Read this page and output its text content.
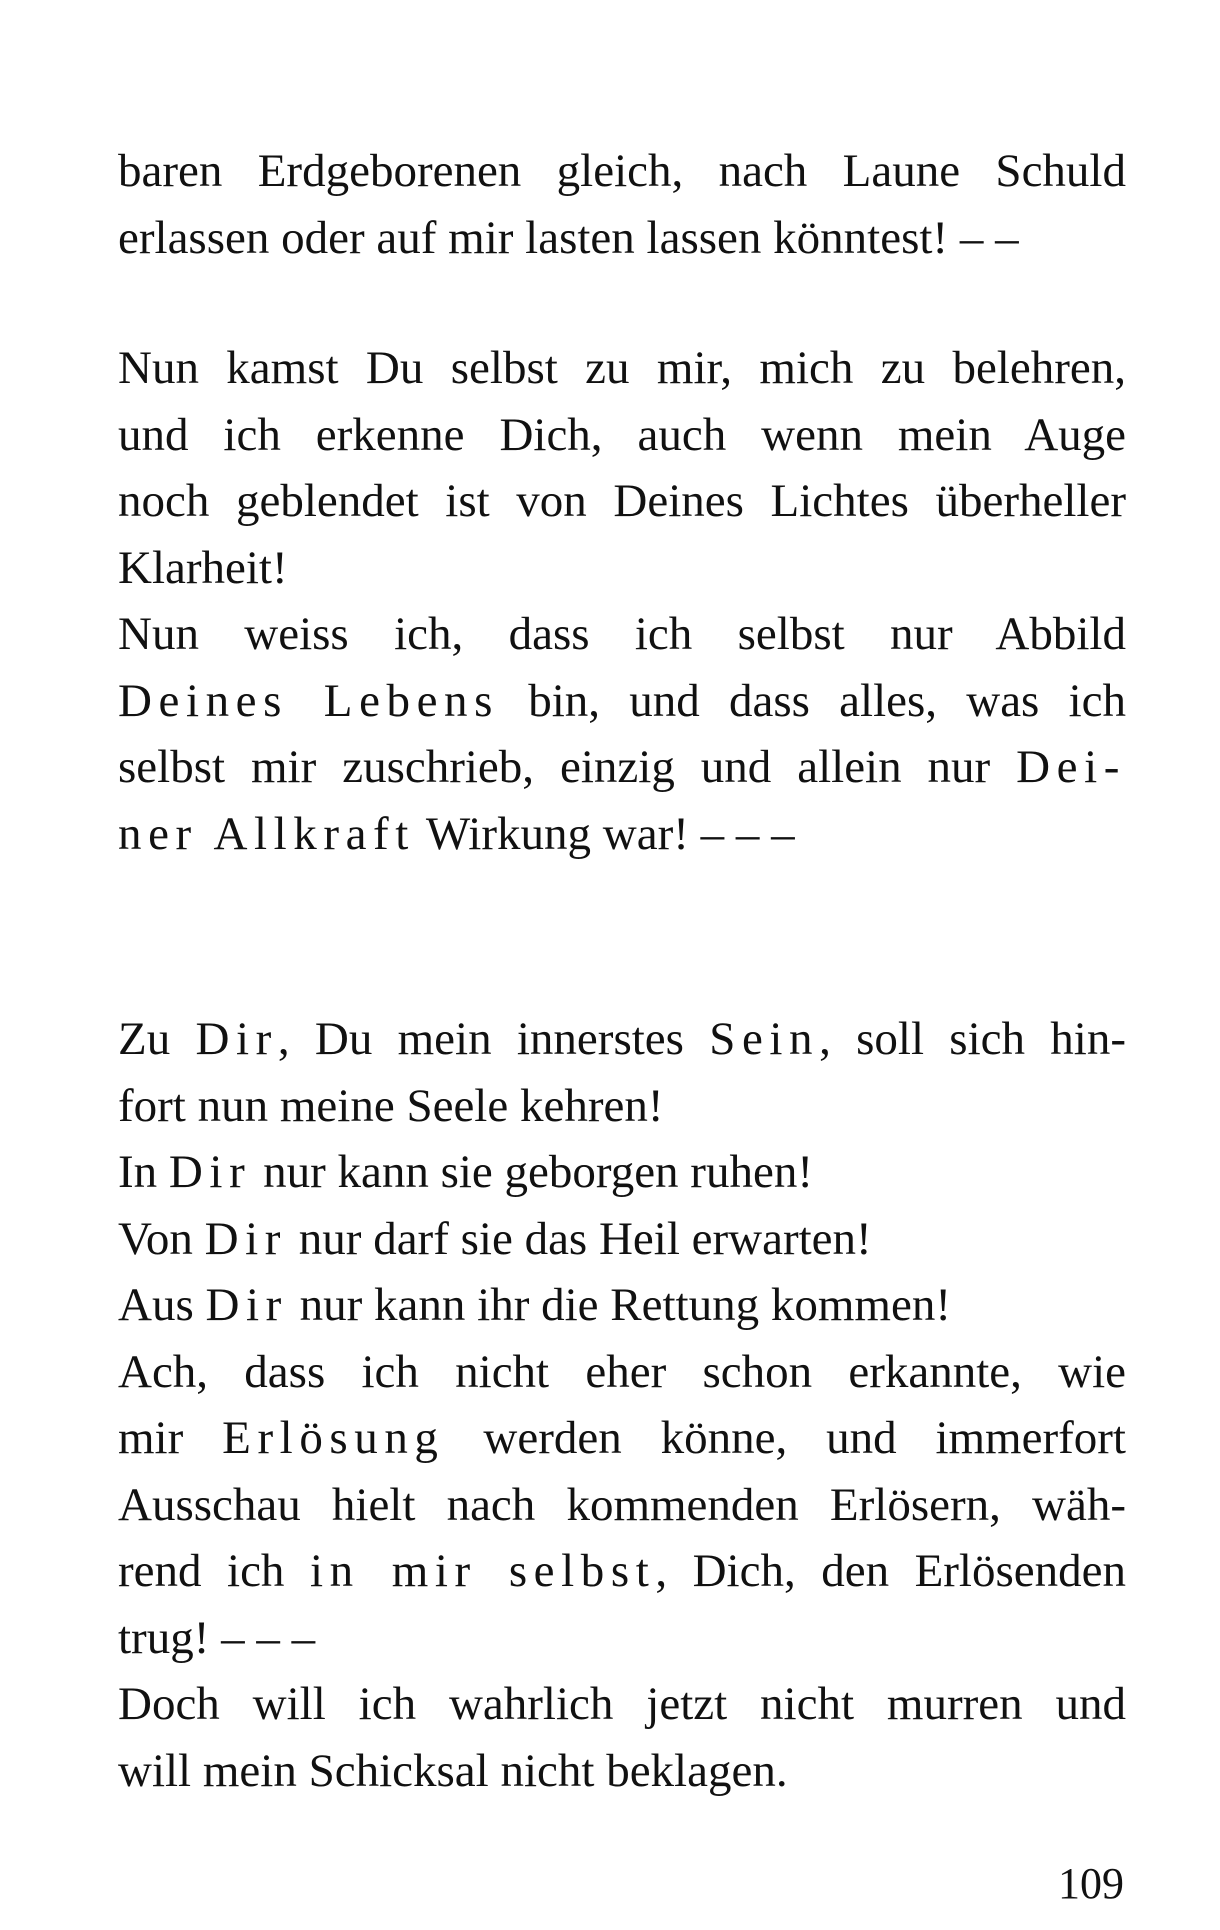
baren Erdgeborenen gleich, nach Laune Schuld
erlassen oder auf mir lasten lassen könntest! – –
Nun kamst Du selbst zu mir, mich zu belehren,
und ich erkenne Dich, auch wenn mein Auge
noch geblendet ist von Deines Lichtes überheller
Klarheit!
Nun weiss ich, dass ich selbst nur Abbild
Deines Lebens bin, und dass alles, was ich
selbst mir zuschrieb, einzig und allein nur Dei-
ner Allkraft Wirkung war! – – –
Zu Dir, Du mein innerstes Sein, soll sich hin-
fort nun meine Seele kehren!
In Dir nur kann sie geborgen ruhen!
Von Dir nur darf sie das Heil erwarten!
Aus Dir nur kann ihr die Rettung kommen!
Ach, dass ich nicht eher schon erkannte, wie
mir Erlösung werden könne, und immerfort
Ausschau hielt nach kommenden Erlösern, wäh-
rend ich in mir selbst, Dich, den Erlösenden
trug! – – –
Doch will ich wahrlich jetzt nicht murren und
will mein Schicksal nicht beklagen.
109
